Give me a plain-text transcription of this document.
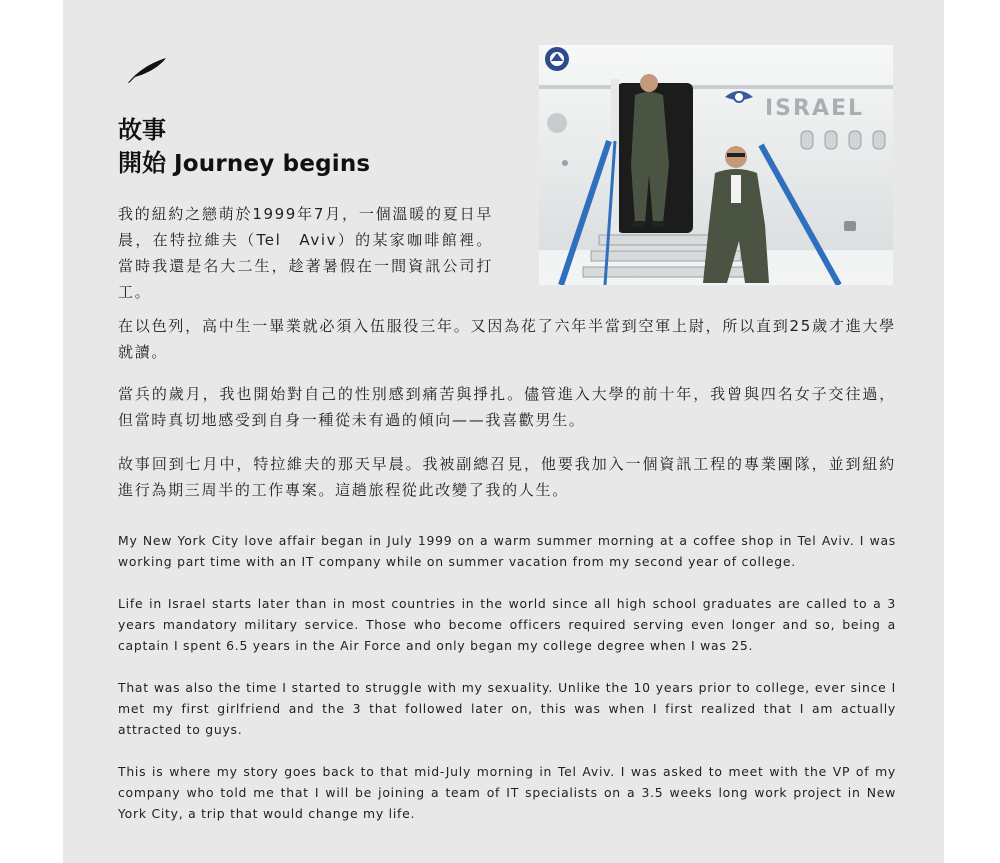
故事
開始 Journey begins

我的紐約之戀萌於1999年7月，一個溫暖的夏日早晨，在特拉維夫（Tel　Aviv）的某家咖啡館裡。當時我還是名大二生，趁著暑假在一間資訊公司打工。

ISRAEL

在以色列，高中生一畢業就必須入伍服役三年。又因為花了六年半當到空軍上尉，所以直到25歲才進大學就讀。

當兵的歲月，我也開始對自己的性別感到痛苦與掙扎。儘管進入大學的前十年，我曾與四名女子交往過，但當時真切地感受到自身一種從未有過的傾向——我喜歡男生。

故事回到七月中，特拉維夫的那天早晨。我被副總召見，他要我加入一個資訊工程的專業團隊，並到紐約進行為期三周半的工作專案。這趟旅程從此改變了我的人生。

My New York City love affair began in July 1999 on a warm summer morning at a coffee shop in Tel Aviv. I was working part time with an IT company while on summer vacation from my second year of college.

Life in Israel starts later than in most countries in the world since all high school graduates are called to a 3 years mandatory military service. Those who become officers required serving even longer and so, being a captain I spent 6.5 years in the Air Force and only began my college degree when I was 25.

That was also the time I started to struggle with my sexuality. Unlike the 10 years prior to college, ever since I met my first girlfriend and the 3 that followed later on, this was when I first realized that I am actually attracted to guys.

This is where my story goes back to that mid-July morning in Tel Aviv. I was asked to meet with the VP of my company who told me that I will be joining a team of IT specialists on a 3.5 weeks long work project in New York City, a trip that would change my life.
